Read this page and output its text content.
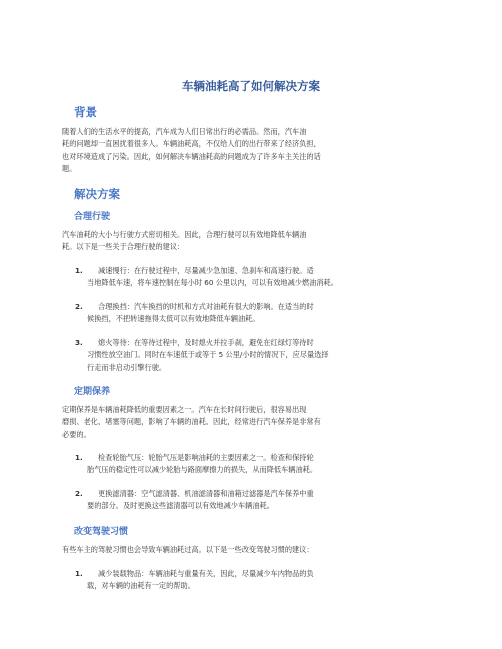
车辆油耗高了如何解决方案
背景
随着人们的生活水平的提高，汽车成为人们日常出行的必需品。然而，汽车油
耗的问题却一直困扰着很多人。车辆油耗高，不仅给人们的出行带来了经济负担，
也对环境造成了污染。因此，如何解决车辆油耗高的问题成为了许多车主关注的话
题。
解决方案
合理行驶
汽车油耗的大小与行驶方式密切相关。因此，合理行驶可以有效地降低车辆油
耗。以下是一些关于合理行驶的建议：
1. 减速慢行：在行驶过程中，尽量减少急加速、急刹车和高速行驶。适
当地降低车速，将车速控制在每小时 60 公里以内，可以有效地减少燃油消耗。
2. 合理换挡：汽车换挡的时机和方式对油耗有很大的影响。在适当的时
候换挡，不把转速拖得太低可以有效地降低车辆油耗。
3. 熄火等待：在等待过程中，及时熄火并拉手刹，避免在红绿灯等待时
习惯性放空油门。同时在车速低于或等于 5 公里/小时的情况下，应尽量选择
行走而非启动引擎行驶。
定期保养
定期保养是车辆油耗降低的重要因素之一。汽车在长时间行驶后，很容易出现
磨损、老化、堵塞等问题，影响了车辆的油耗。因此，经常进行汽车保养是非常有
必要的。
1. 检查轮胎气压：轮胎气压是影响油耗的主要因素之一。检查和保持轮
胎气压的稳定性可以减少轮胎与路面摩擦力的损失，从而降低车辆油耗。
2. 更换滤清器：空气滤清器、机油滤清器和油箱过滤器是汽车保养中重
要的部分。及时更换这些滤清器可以有效地减少车辆油耗。
改变驾驶习惯
有些车主的驾驶习惯也会导致车辆油耗过高。以下是一些改变驾驶习惯的建议：
1. 减少装载物品：车辆油耗与重量有关，因此，尽量减少车内物品的负
载，对车辆的油耗有一定的帮助。
